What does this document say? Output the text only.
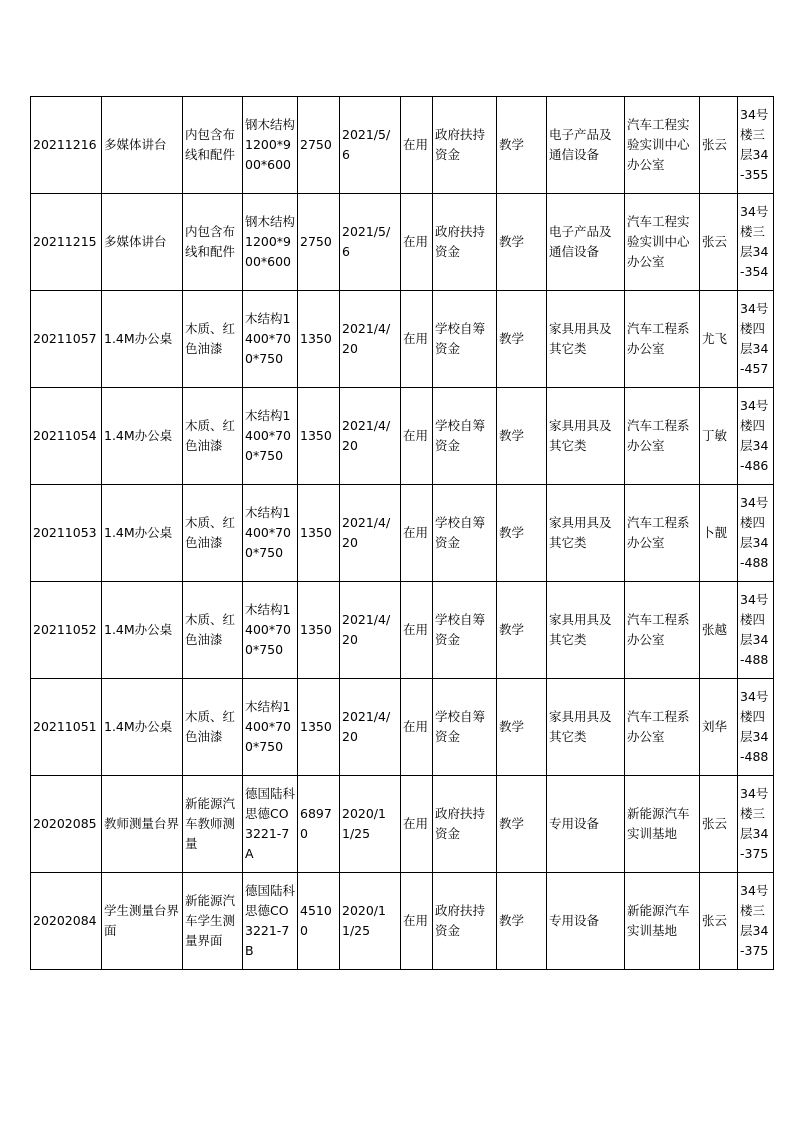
20211216	多媒体讲台	内包含布线和配件	钢木结构1200*900*600	2750	2021/5/6	在用	政府扶持资金	教学	电子产品及通信设备	汽车工程实验实训中心办公室	张云	34号楼三层34-355
20211215	多媒体讲台	内包含布线和配件	钢木结构1200*900*600	2750	2021/5/6	在用	政府扶持资金	教学	电子产品及通信设备	汽车工程实验实训中心办公室	张云	34号楼三层34-354
20211057	1.4M办公桌	木质、红色油漆	木结构1400*700*750	1350	2021/4/20	在用	学校自筹资金	教学	家具用具及其它类	汽车工程系办公室	尤飞	34号楼四层34-457
20211054	1.4M办公桌	木质、红色油漆	木结构1400*700*750	1350	2021/4/20	在用	学校自筹资金	教学	家具用具及其它类	汽车工程系办公室	丁敏	34号楼四层34-486
20211053	1.4M办公桌	木质、红色油漆	木结构1400*700*750	1350	2021/4/20	在用	学校自筹资金	教学	家具用具及其它类	汽车工程系办公室	卜靓	34号楼四层34-488
20211052	1.4M办公桌	木质、红色油漆	木结构1400*700*750	1350	2021/4/20	在用	学校自筹资金	教学	家具用具及其它类	汽车工程系办公室	张越	34号楼四层34-488
20211051	1.4M办公桌	木质、红色油漆	木结构1400*700*750	1350	2021/4/20	在用	学校自筹资金	教学	家具用具及其它类	汽车工程系办公室	刘华	34号楼四层34-488
20202085	教师测量台界	新能源汽车教师测量	德国陆科思德CO3221-7A	68970	2020/11/25	在用	政府扶持资金	教学	专用设备	新能源汽车实训基地	张云	34号楼三层34-375
20202084	学生测量台界面	新能源汽车学生测量界面	德国陆科思德CO3221-7B	45100	2020/11/25	在用	政府扶持资金	教学	专用设备	新能源汽车实训基地	张云	34号楼三层34-375
